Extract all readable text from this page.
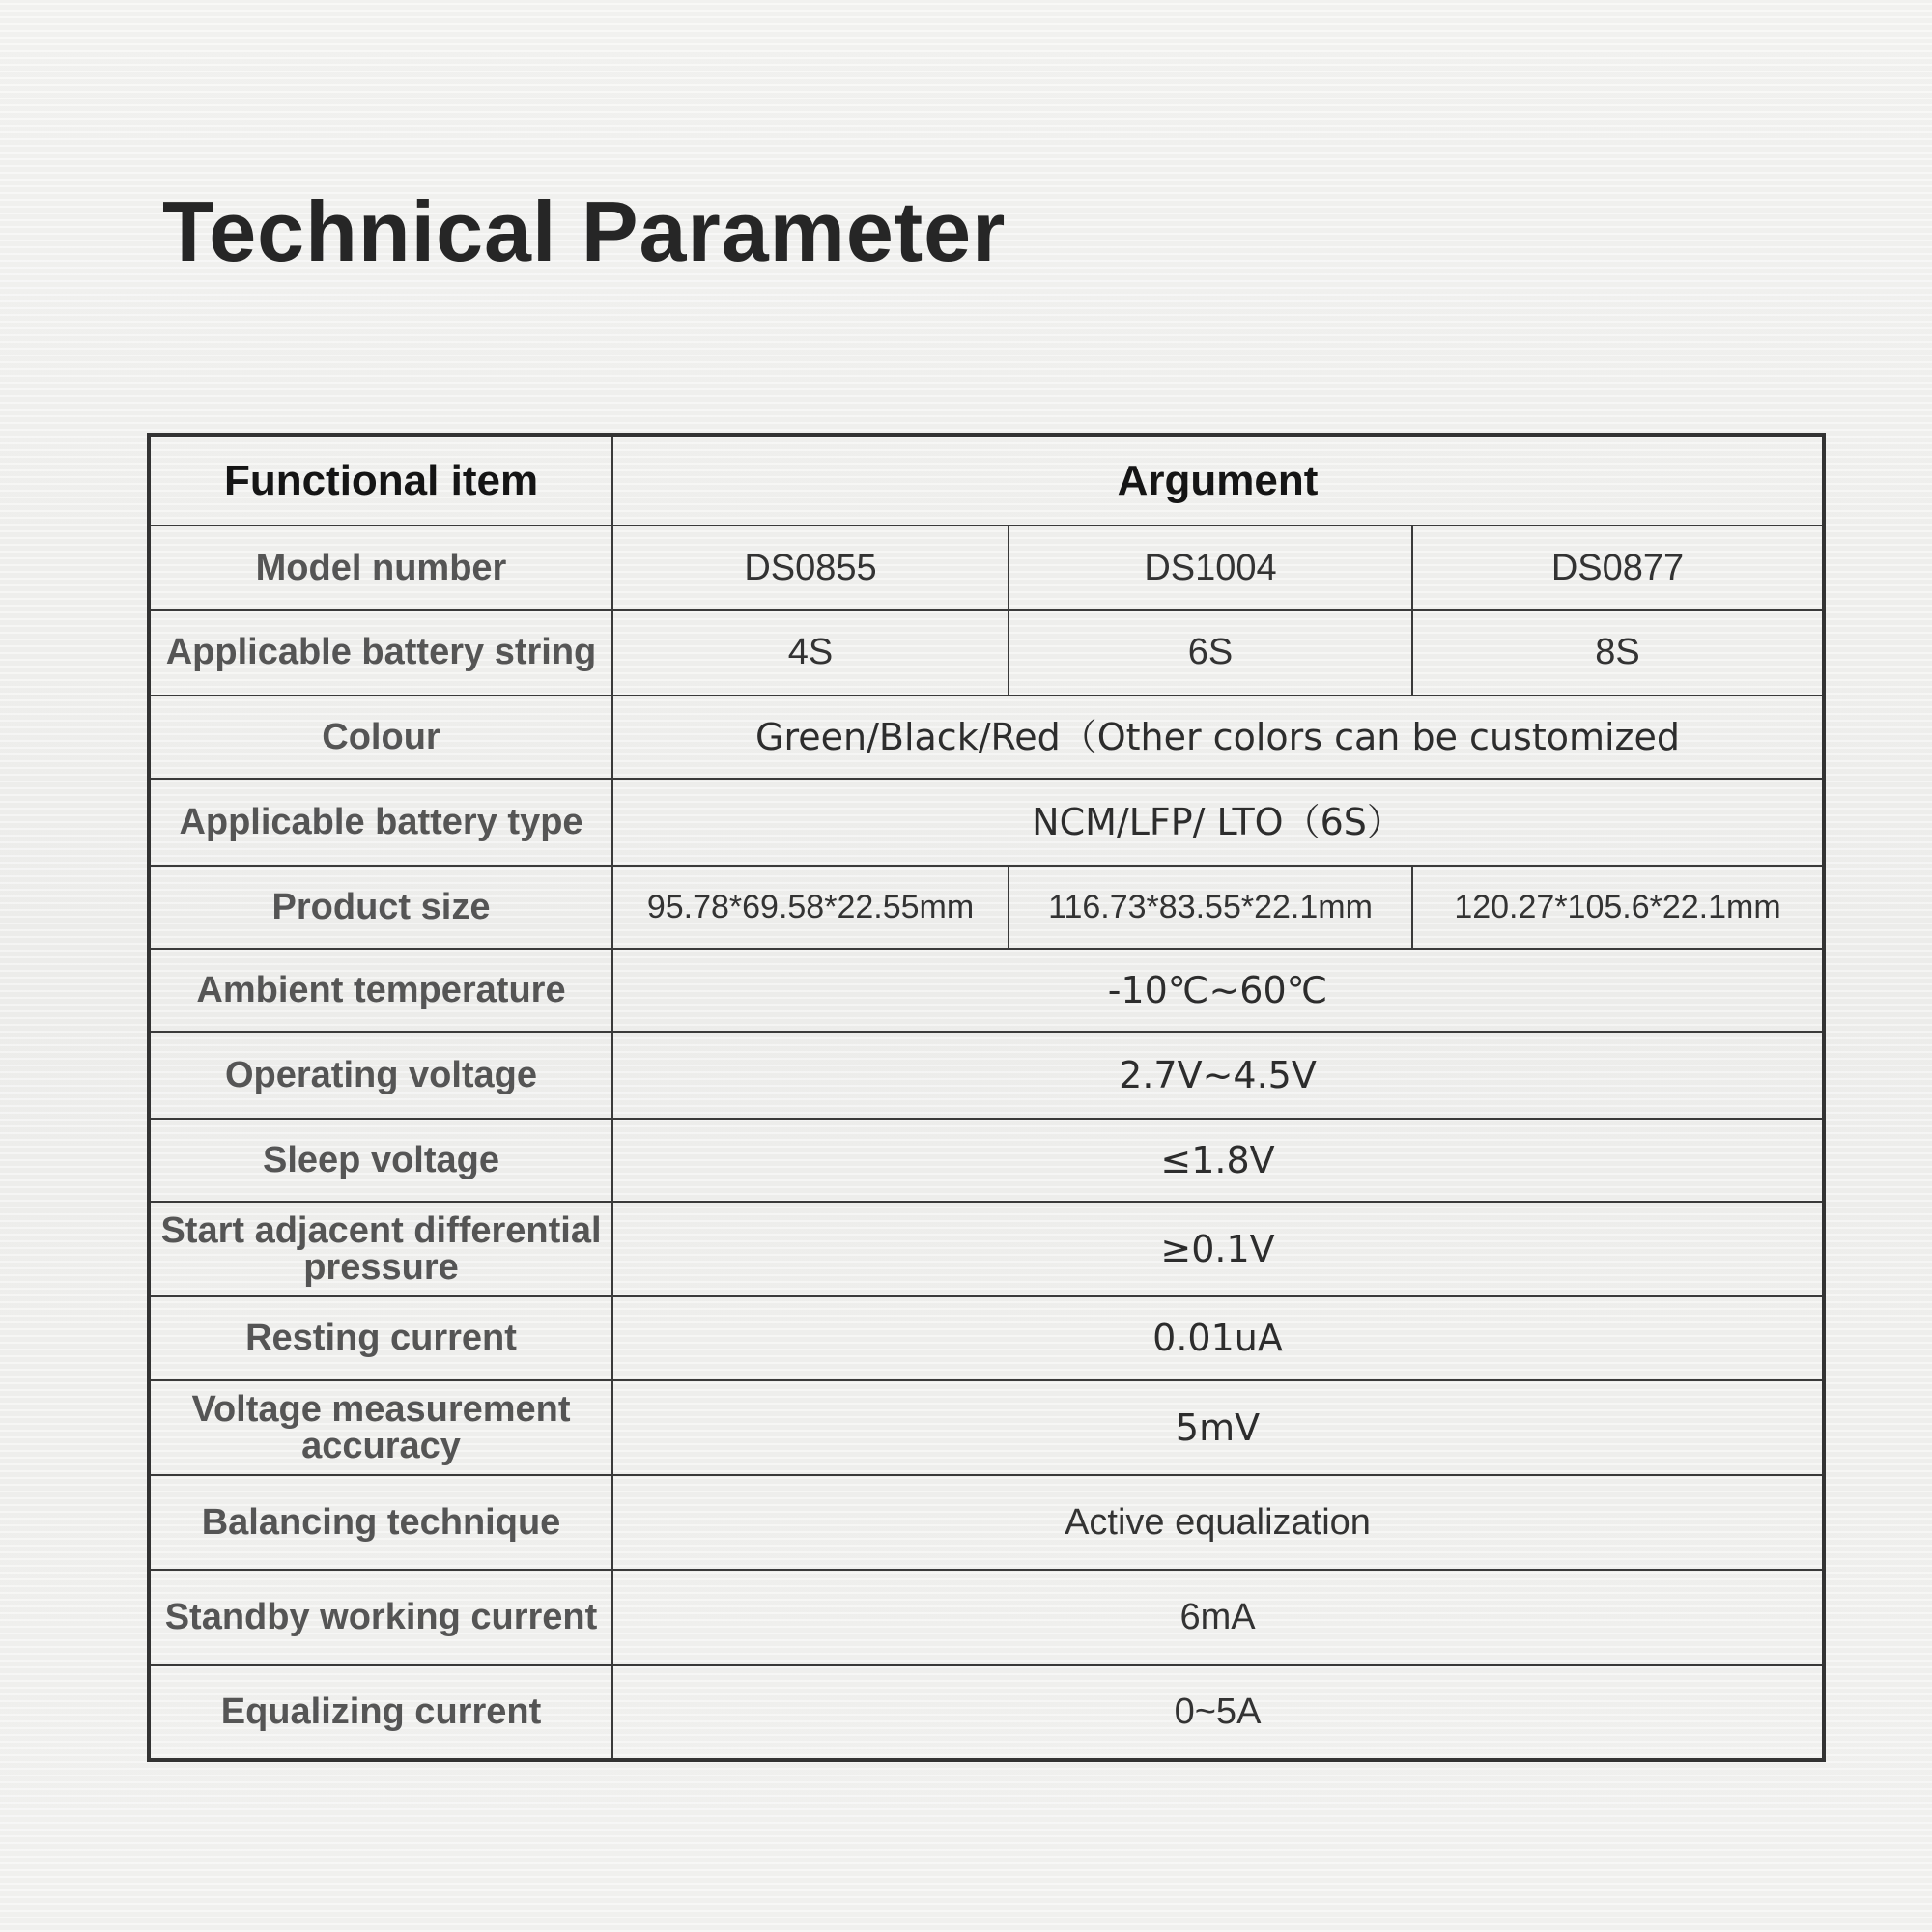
Technical Parameter
Functional item	Argument		
Model number	DS0855	DS1004	DS0877
Applicable battery string	4S	6S	8S
Colour	Green/Black/Red（Other colors can be customized		
Applicable battery type	NCM/LFP/ LTO（6S）		
Product size	95.78*69.58*22.55mm	116.73*83.55*22.1mm	120.27*105.6*22.1mm
Ambient temperature	-10℃~60℃		
Operating voltage	2.7V~4.5V		
Sleep voltage	≤1.8V		
Start adjacent differential pressure	≥0.1V		
Resting current	0.01uA		
Voltage measurement accuracy	5mV		
Balancing technique	Active equalization		
Standby working current	6mA		
Equalizing current	0~5A		
